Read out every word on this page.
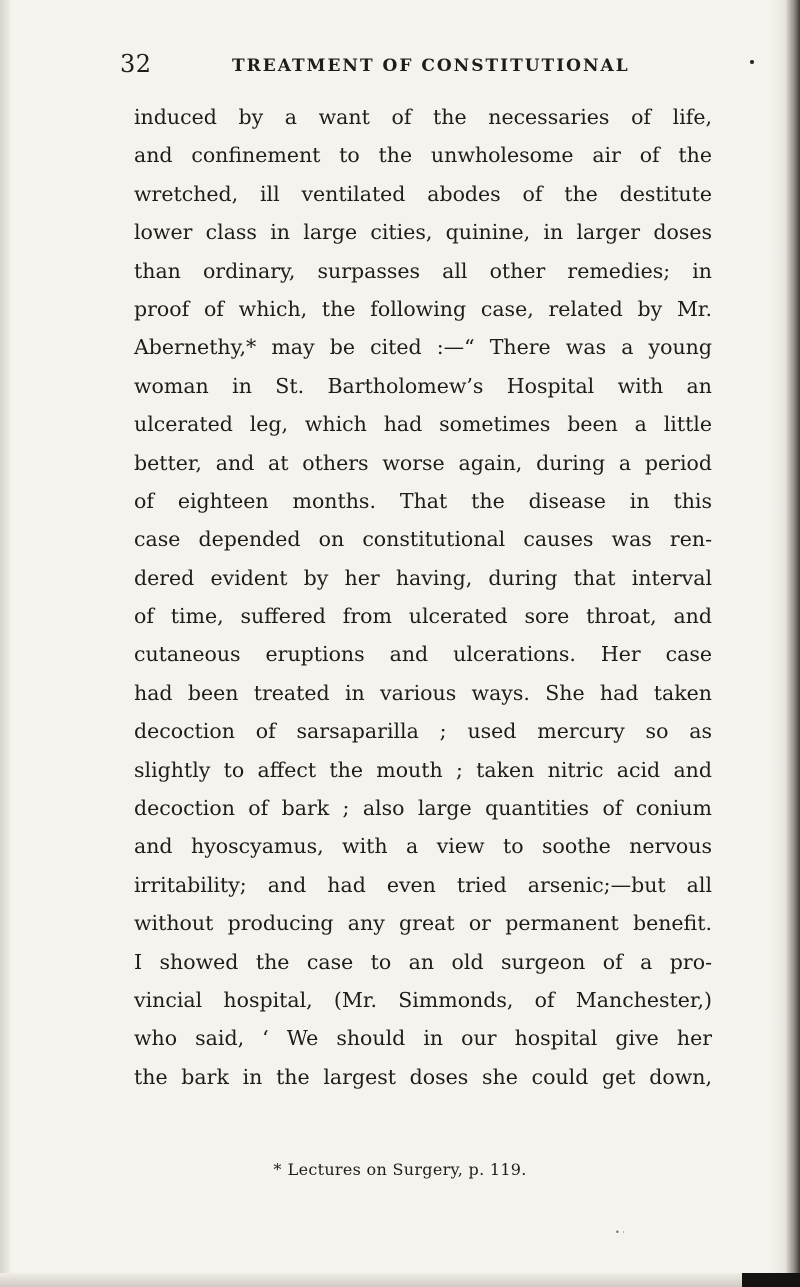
32	TREATMENT OF CONSTITUTIONAL
induced by a want of the necessaries of life,
and confinement to the unwholesome air of the
wretched, ill ventilated abodes of the destitute
lower class in large cities, quinine, in larger doses
than ordinary, surpasses all other remedies; in
proof of which, the following case, related by Mr.
Abernethy,* may be cited :—“ There was a young
woman in St. Bartholomew’s Hospital with an
ulcerated leg, which had sometimes been a little
better, and at others worse again, during a period
of eighteen months. That the disease in this
case depended on constitutional causes was ren-
dered evident by her having, during that interval
of time, suffered from ulcerated sore throat, and
cutaneous eruptions and ulcerations. Her case
had been treated in various ways. She had taken
decoction of sarsaparilla ; used mercury so as
slightly to affect the mouth ; taken nitric acid and
decoction of bark ; also large quantities of conium
and hyoscyamus, with a view to soothe nervous
irritability; and had even tried arsenic;—but all
without producing any great or permanent benefit.
I showed the case to an old surgeon of a pro-
vincial hospital, (Mr. Simmonds, of Manchester,)
who said, ‘ We should in our hospital give her
the bark in the largest doses she could get down,
* Lectures on Surgery, p. 119.
• ·
